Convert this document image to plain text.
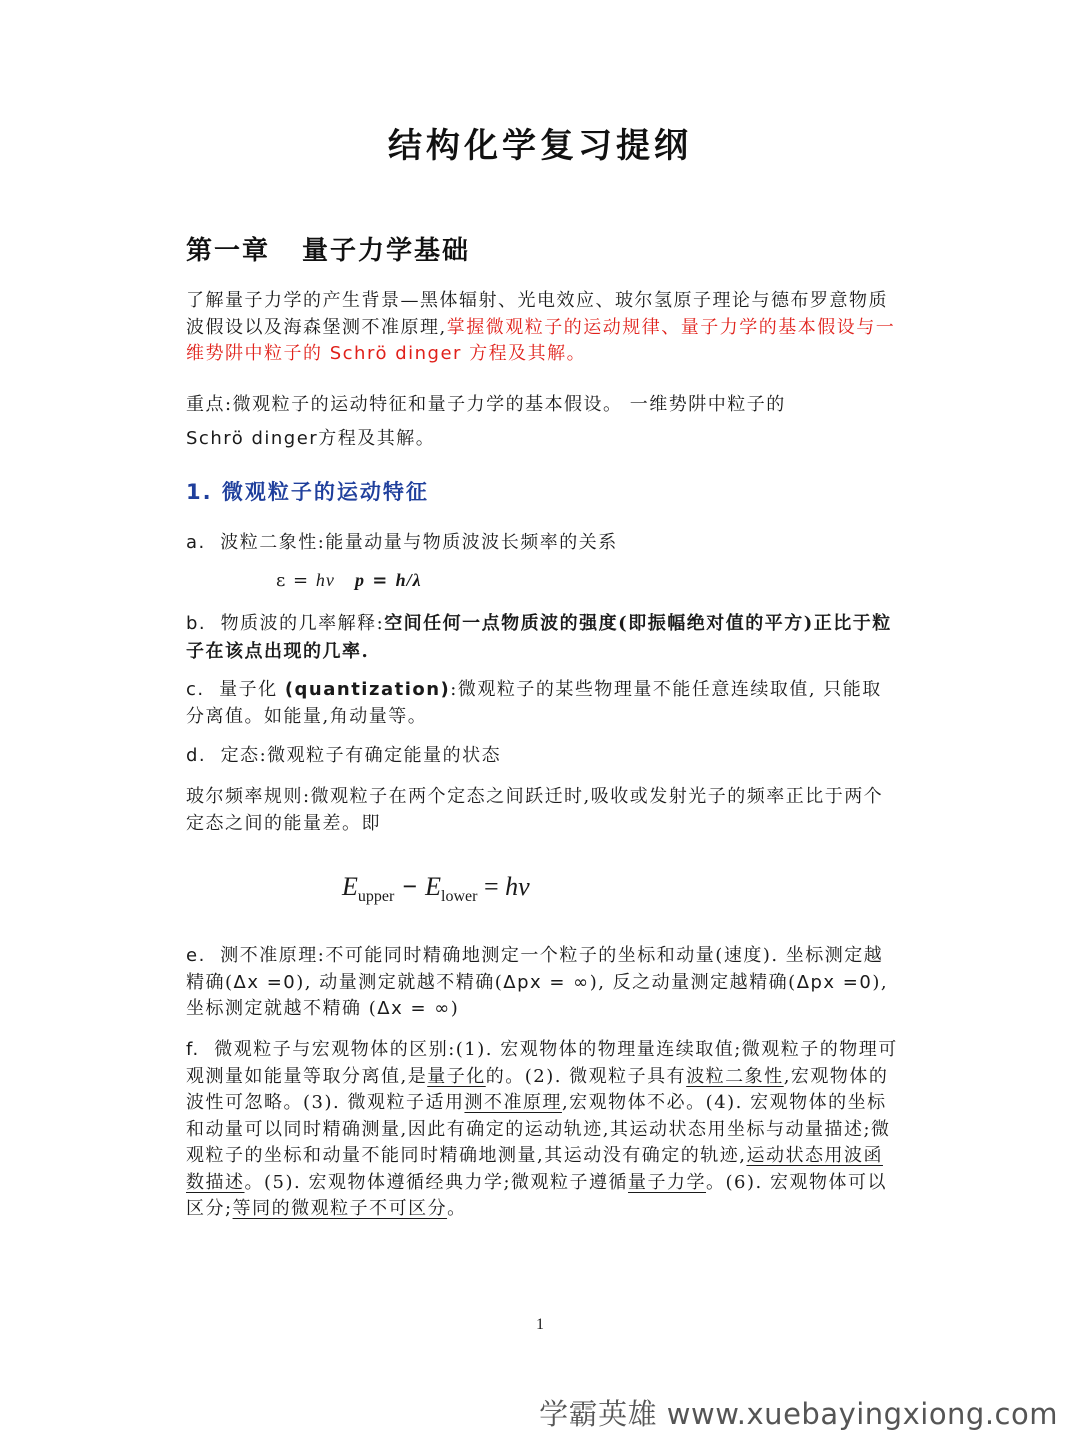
结构化学复习提纲
第一章 量子力学基础
了解量子力学的产生背景—黑体辐射、光电效应、玻尔氢原子理论与德布罗意物质波假设以及海森堡测不准原理,掌握微观粒子的运动规律、量子力学的基本假设与一维势阱中粒子的 Schrö dinger 方程及其解。
重点:微观粒子的运动特征和量子力学的基本假设。 一维势阱中粒子的
Schrö dinger方程及其解。
1. 微观粒子的运动特征
a. 波粒二象性:能量动量与物质波波长频率的关系
ε = hν p = h/λ
b. 物质波的几率解释:空间任何一点物质波的强度(即振幅绝对值的平方)正比于粒子在该点出现的几率.
c. 量子化 (quantization):微观粒子的某些物理量不能任意连续取值, 只能取分离值。如能量,角动量等。
d. 定态:微观粒子有确定能量的状态
玻尔频率规则:微观粒子在两个定态之间跃迁时,吸收或发射光子的频率正比于两个定态之间的能量差。即
$E_{upper} - E_{lower} = h\nu$
e. 测不准原理:不可能同时精确地测定一个粒子的坐标和动量(速度). 坐标测定越精确(Δx =0), 动量测定就越不精确(Δpx = ∞), 反之动量测定越精确(Δpx =0), 坐标测定就越不精确 (Δx = ∞)
f. 微观粒子与宏观物体的区别:(1). 宏观物体的物理量连续取值;微观粒子的物理可观测量如能量等取分离值,是量子化的。(2). 微观粒子具有波粒二象性,宏观物体的波性可忽略。(3). 微观粒子适用测不准原理,宏观物体不必。(4). 宏观物体的坐标和动量可以同时精确测量,因此有确定的运动轨迹,其运动状态用坐标与动量描述;微观粒子的坐标和动量不能同时精确地测量,其运动没有确定的轨迹,运动状态用波函数描述。(5). 宏观物体遵循经典力学;微观粒子遵循量子力学。(6). 宏观物体可以区分;等同的微观粒子不可区分。
1
学霸英雄 www.xuebayingxiong.com
